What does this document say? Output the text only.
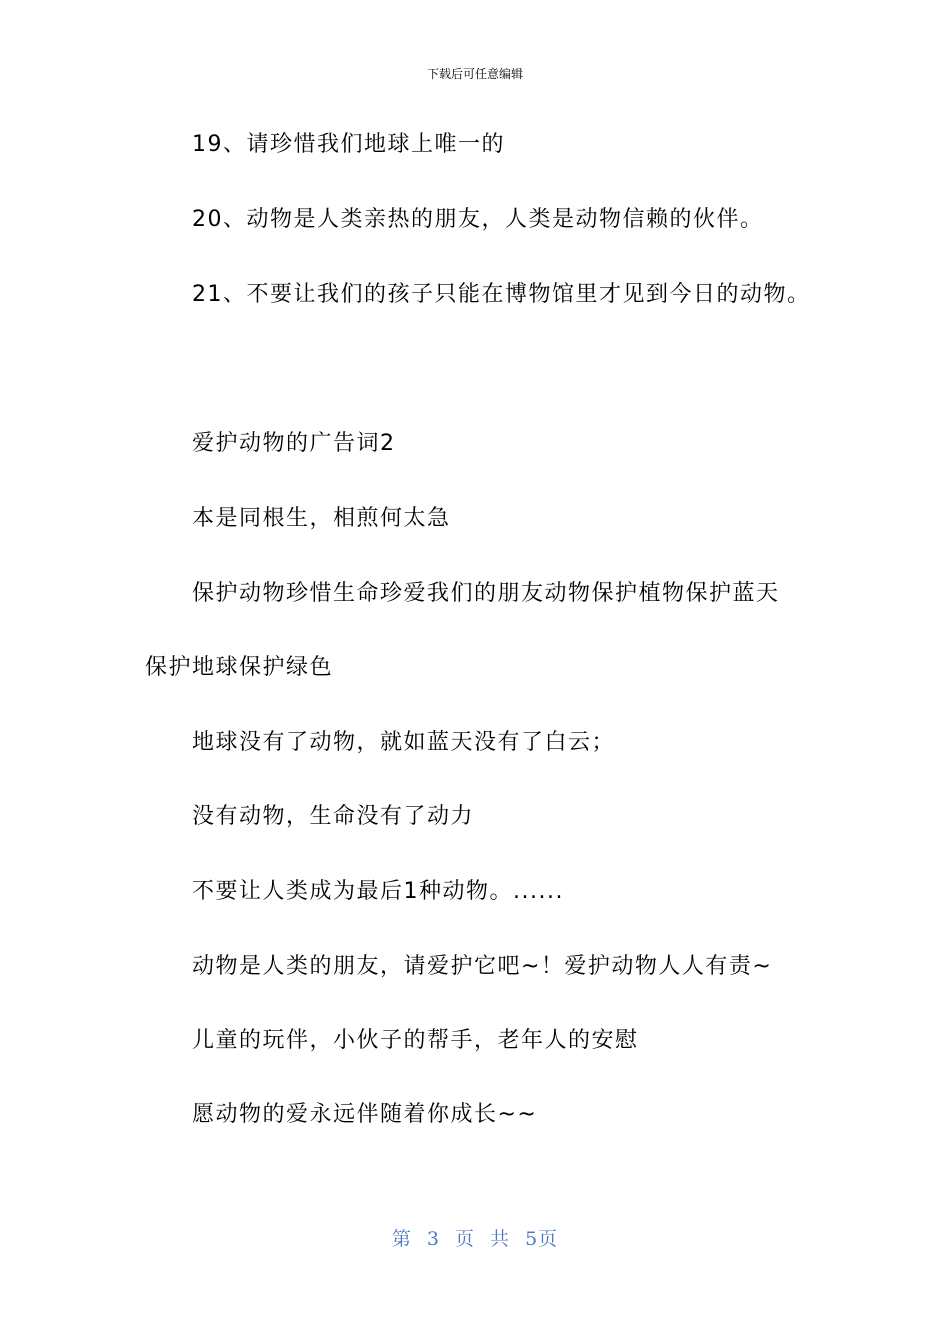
下载后可任意编辑
19、请珍惜我们地球上唯一的
20、动物是人类亲热的朋友，人类是动物信赖的伙伴。
21、不要让我们的孩子只能在博物馆里才见到今日的动物。
爱护动物的广告词2
本是同根生，相煎何太急
保护动物珍惜生命珍爱我们的朋友动物保护植物保护蓝天
保护地球保护绿色
地球没有了动物，就如蓝天没有了白云；
没有动物，生命没有了动力
不要让人类成为最后1种动物。......
动物是人类的朋友，请爱护它吧~！爱护动物人人有责~
儿童的玩伴，小伙子的帮手，老年人的安慰
愿动物的爱永远伴随着你成长~~
第 3 页 共 5页
